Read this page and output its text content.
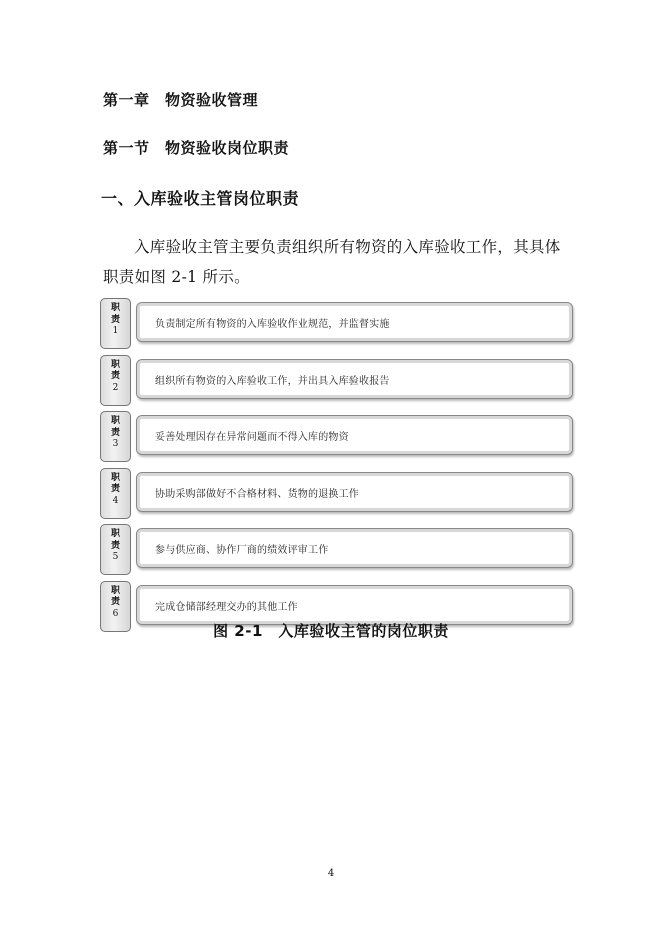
第一章　物资验收管理
第一节　物资验收岗位职责
一、入库验收主管岗位职责
入库验收主管主要负责组织所有物资的入库验收工作，其具体职责如图 2-1 所示。
职责
1
负责制定所有物资的入库验收作业规范，并监督实施
职责
2
组织所有物资的入库验收工作，并出具入库验收报告
职责
3
妥善处理因存在异常问题而不得入库的物资
职责
4
协助采购部做好不合格材料、货物的退换工作
职责
5
参与供应商、协作厂商的绩效评审工作
职责
6
完成仓储部经理交办的其他工作
图 2-1　入库验收主管的岗位职责
4
